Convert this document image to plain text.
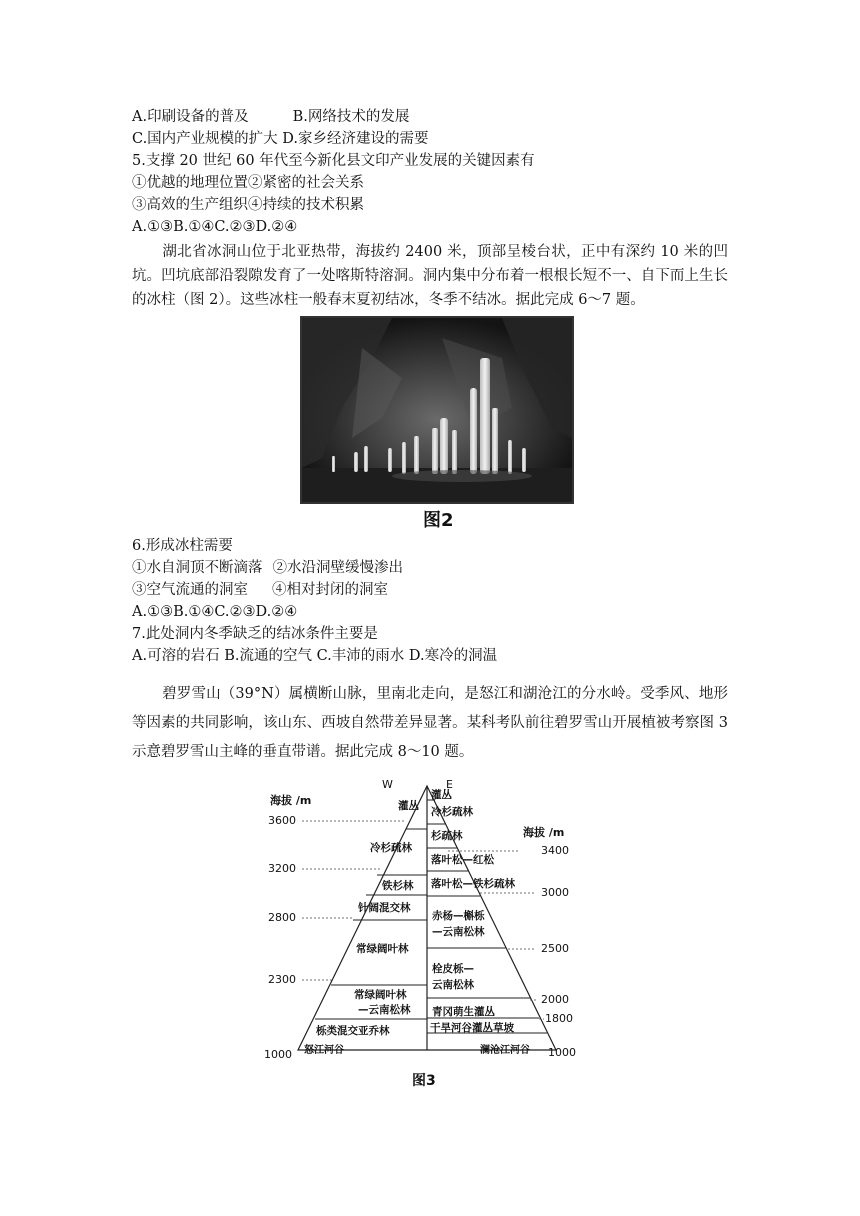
A.印刷设备的普及	B.网络技术的发展
C.国内产业规模的扩大 D.家乡经济建设的需要
5.支撑 20 世纪 60 年代至今新化县文印产业发展的关键因素有
①优越的地理位置②紧密的社会关系
③高效的生产组织④持续的技术积累
A.①③B.①④C.②③D.②④
湖北省冰洞山位于北亚热带，海拔约 2400 米，顶部呈棱台状，正中有深约 10 米的凹坑。凹坑底部沿裂隙发育了一处喀斯特溶洞。洞内集中分布着一根根长短不一、自下而上生长的冰柱（图 2）。这些冰柱一般春末夏初结冰，冬季不结冰。据此完成 6～7 题。
图2
6.形成冰柱需要
①水自洞顶不断滴落 ②水沿洞壁缓慢渗出
③空气流通的洞室 ④相对封闭的洞室
A.①③B.①④C.②③D.②④
7.此处洞内冬季缺乏的结冰条件主要是
A.可溶的岩石 B.流通的空气 C.丰沛的雨水 D.寒冷的洞温
碧罗雪山（39°N）属横断山脉，里南北走向，是怒江和湖沧江的分水岭。受季风、地形等因素的共同影响，该山东、西坡自然带差异显著。某科考队前往碧罗雪山开展植被考察图 3 示意碧罗雪山主峰的垂直带谱。据此完成 8～10 题。
W	E
海拔 /m
海拔 /m
3600
3200
2800
2300
1000
3400
3000
2500
2000
1800
1000
灌丛
冷杉疏林
铁杉林
针阔混交林
常绿阔叶林
常绿阔叶林
—云南松林
栎类混交亚乔林
怒江河谷
灌丛
冷杉疏林
杉疏林
落叶松—红松
落叶松—铁杉疏林
赤杨—槲栎
—云南松林
栓皮栎—
云南松林
青冈萌生灌丛
干旱河谷灌丛草坡
澜沧江河谷
图3
